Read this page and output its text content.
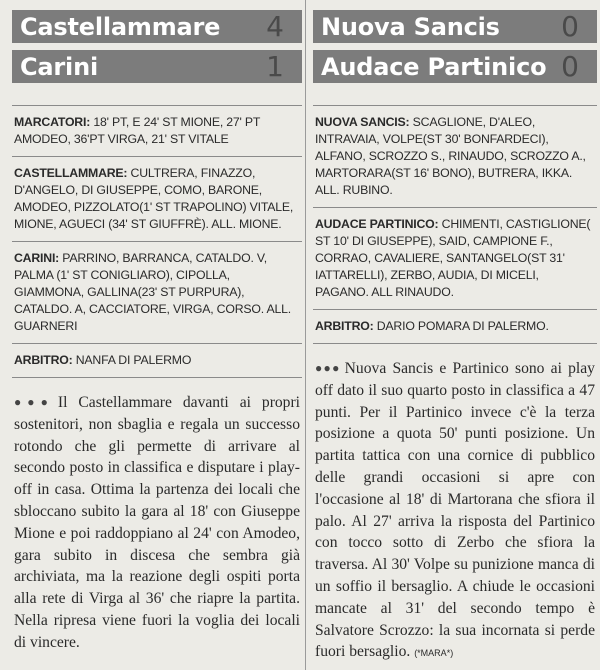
Castellammare 4
Carini	1
MARCATORI: 18' PT, E 24' ST MIONE, 27' PT AMODEO, 36'PT VIRGA, 21' ST VITALE
CASTELLAMMARE: CULTRERA, FINAZZO, D'ANGELO, DI GIUSEPPE, COMO, BARONE, AMODEO, PIZZOLATO(1' ST TRAPOLINO) VITALE, MIONE, AGUECI (34' ST GIUFFRÈ). ALL. MIONE.
CARINI: PARRINO, BARRANCA, CATALDO. V, PALMA (1' ST CONIGLIARO), CIPOLLA, GIAMMONA, GALLINA(23' ST PURPURA), CATALDO. A, CACCIATORE, VIRGA, CORSO. ALL. GUARNERI
ARBITRO: NANFA DI PALERMO
●●● Il Castellammare davanti ai propri sostenitori, non sbaglia e regala un successo rotondo che gli permette di arrivare al secondo posto in classifica e disputare i play-off in casa. Ottima la partenza dei locali che sbloccano subito la gara al 18' con Giuseppe Mione e poi raddoppiano al 24' con Amodeo, gara subito in discesa che sembra già archiviata, ma la reazione degli ospiti porta alla rete di Virga al 36' che riapre la partita. Nella ripresa viene fuori la voglia dei locali di vincere.
Nuova Sancis 0
Audace Partinico 0
NUOVA SANCIS: SCAGLIONE, D'ALEO, INTRAVAIA, VOLPE(ST 30' BONFARDECI), ALFANO, SCROZZO S., RINAUDO, SCROZZO A., MARTORARA(ST 16' BONO), BUTRERA, IKKA. ALL. RUBINO.
AUDACE PARTINICO: CHIMENTI, CASTIGLIONE( ST 10' DI GIUSEPPE), SAID, CAMPIONE F., CORRAO, CAVALIERE, SANTANGELO(ST 31' IATTARELLI), ZERBO, AUDIA, DI MICELI, PAGANO. ALL RINAUDO.
ARBITRO: DARIO POMARA DI PALERMO.
●●● Nuova Sancis e Partinico sono ai play off dato il suo quarto posto in classifica a 47 punti. Per il Partinico invece c'è la terza posizione a quota 50' punti posizione. Un partita tattica con una cornice di pubblico delle grandi occasioni si apre con l'occasione al 18' di Martorana che sfiora il palo. Al 27' arriva la risposta del Partinico con tocco sotto di Zerbo che sfiora la traversa. Al 30' Volpe su punizione manca di un soffio il bersaglio. A chiude le occasioni mancate al 31' del secondo tempo è Salvatore Scrozzo: la sua incornata si perde fuori bersaglio. (*MARA*)
